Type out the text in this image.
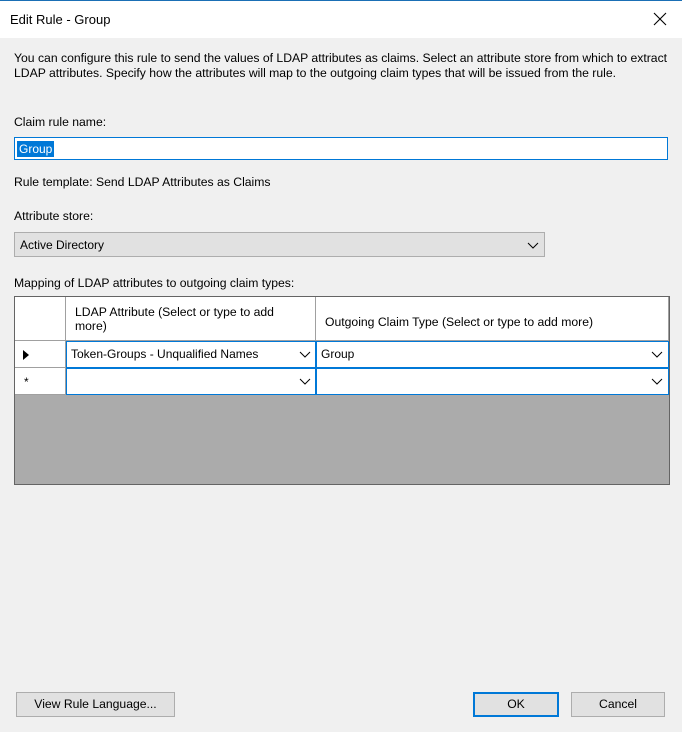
Edit Rule - Group
You can configure this rule to send the values of LDAP attributes as claims. Select an attribute store from which to extract LDAP attributes. Specify how the attributes will map to the outgoing claim types that will be issued from the rule.
Claim rule name:
Group
Rule template: Send LDAP Attributes as Claims
Attribute store:
Active Directory
Mapping of LDAP attributes to outgoing claim types:
LDAP Attribute (Select or type to add more)	Outgoing Claim Type (Select or type to add more)
Token-Groups - Unqualified Names	Group
*
View Rule Language...	OK	Cancel
